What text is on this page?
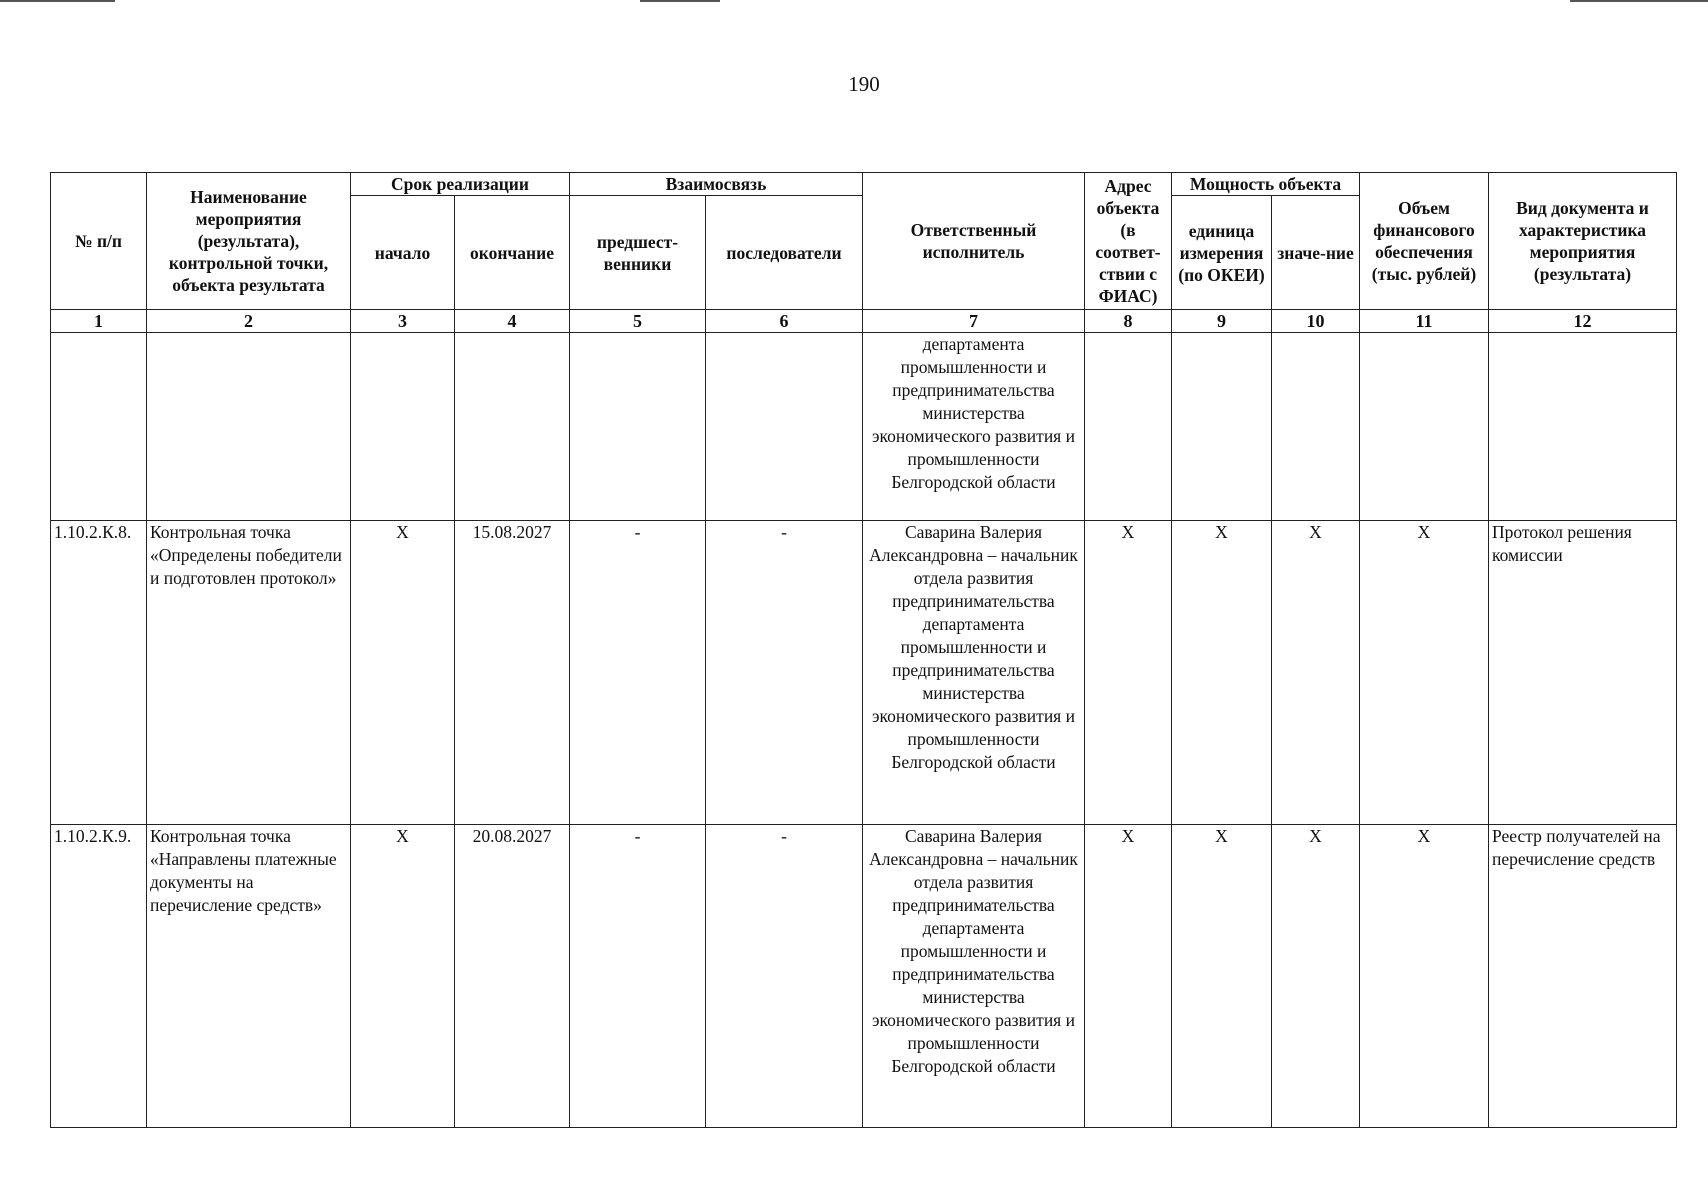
190
№ п/п	Наименование мероприятия (результата), контрольной точки, объекта результата	Срок реализации		Взаимосвязь		Ответственный исполнитель	Адрес объекта (в соответ-ствии с ФИАС)	Мощность объекта		Объем финансового обеспечения (тыс. рублей)	Вид документа и характеристика мероприятия (результата)
		начало	окончание	предшест-венники	последователи			единица измерения (по ОКЕИ)	значе-ние		
1	2	3	4	5	6	7	8	9	10	11	12
						департамента промышленности и предпринимательства министерства экономического развития и промышленности Белгородской области					
1.10.2.К.8.	Контрольная точка «Определены победители и подготовлен протокол»	Х	15.08.2027	-	-	Саварина Валерия Александровна – начальник отдела развития предпринимательства департамента промышленности и предпринимательства министерства экономического развития и промышленности Белгородской области	Х	Х	Х	Х	Протокол решения комиссии
1.10.2.К.9.	Контрольная точка «Направлены платежные документы на перечисление средств»	Х	20.08.2027	-	-	Саварина Валерия Александровна – начальник отдела развития предпринимательства департамента промышленности и предпринимательства министерства экономического развития и промышленности Белгородской области	Х	Х	Х	Х	Реестр получателей на перечисление средств
